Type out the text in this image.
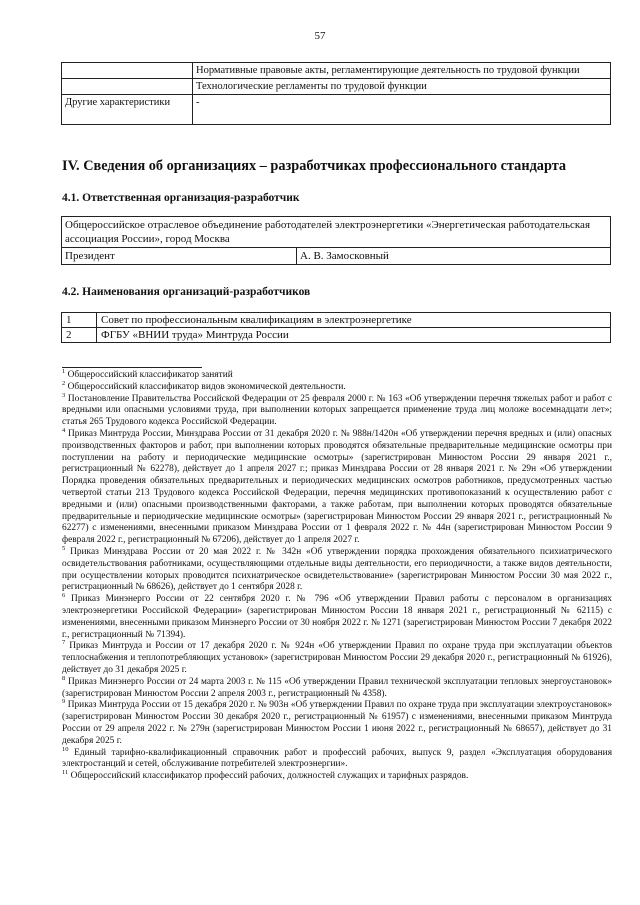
57
	Нормативные правовые акты, регламентирующие деятельность по трудовой функции
	Технологические регламенты по трудовой функции
Другие характеристики	-
IV. Сведения об организациях – разработчиках профессионального стандарта
4.1. Ответственная организация-разработчик
Общероссийское отраслевое объединение работодателей электроэнергетики «Энергетическая работодательская ассоциация России», город Москва
Президент	А. В. Замосковный
4.2. Наименования организаций-разработчиков
1	Совет по профессиональным квалификациям в электроэнергетике
2	ФГБУ «ВНИИ труда» Минтруда России

$^1$ Общероссийский классификатор занятий

$^2$ Общероссийский классификатор видов экономической деятельности.

$^3$ Постановление Правительства Российской Федерации от 25 февраля 2000 г. № 163 «Об утверждении перечня тяжелых работ и работ с вредными или опасными условиями труда, при выполнении которых запрещается применение труда лиц моложе восемнадцати лет»; статья 265 Трудового кодекса Российской Федерации.

$^4$ Приказ Минтруда России, Минздрава России от 31 декабря 2020 г. № 988н/1420н «Об утверждении перечня вредных и (или) опасных производственных факторов и работ, при выполнении которых проводятся обязательные предварительные медицинские осмотры при поступлении на работу и периодические медицинские осмотры» (зарегистрирован Минюстом России 29 января 2021 г., регистрационный № 62278), действует до 1 апреля 2027 г.; приказ Минздрава России от 28 января 2021 г. № 29н «Об утверждении Порядка проведения обязательных предварительных и периодических медицинских осмотров работников, предусмотренных частью четвертой статьи 213 Трудового кодекса Российской Федерации, перечня медицинских противопоказаний к осуществлению работ с вредными и (или) опасными производственными факторами, а также работам, при выполнении которых проводятся обязательные предварительные и периодические медицинские осмотры» (зарегистрирован Минюстом России 29 января 2021 г., регистрационный № 62277) с изменениями, внесенными приказом Минздрава России от 1 февраля 2022 г. № 44н (зарегистрирован Минюстом России 9 февраля 2022 г., регистрационный № 67206), действует до 1 апреля 2027 г.

$^5$ Приказ Минздрава России от 20 мая 2022 г. № 342н «Об утверждении порядка прохождения обязательного психиатрического освидетельствования работниками, осуществляющими отдельные виды деятельности, его периодичности, а также видов деятельности, при осуществлении которых проводится психиатрическое освидетельствование» (зарегистрирован Минюстом России 30 мая 2022 г., регистрационный № 68626), действует до 1 сентября 2028 г.

$^6$ Приказ Минэнерго России от 22 сентября 2020 г. № 796 «Об утверждении Правил работы с персоналом в организациях электроэнергетики Российской Федерации» (зарегистрирован Минюстом России 18 января 2021 г., регистрационный № 62115) с изменениями, внесенными приказом Минэнерго России от 30 ноября 2022 г. № 1271 (зарегистрирован Минюстом России 7 декабря 2022 г., регистрационный № 71394).

$^7$ Приказ Минтруда и России от 17 декабря 2020 г. № 924н «Об утверждении Правил по охране труда при эксплуатации объектов теплоснабжения и теплопотребляющих установок» (зарегистрирован Минюстом России 29 декабря 2020 г., регистрационный № 61926), действует до 31 декабря 2025 г.

$^8$ Приказ Минэнерго России от 24 марта 2003 г. № 115 «Об утверждении Правил технической эксплуатации тепловых энергоустановок» (зарегистрирован Минюстом России 2 апреля 2003 г., регистрационный № 4358).

$^9$ Приказ Минтруда России от 15 декабря 2020 г. № 903н «Об утверждении Правил по охране труда при эксплуатации электроустановок» (зарегистрирован Минюстом России 30 декабря 2020 г., регистрационный № 61957) с изменениями, внесенными приказом Минтруда России от 29 апреля 2022 г. № 279н (зарегистрирован Минюстом России 1 июня 2022 г., регистрационный № 68657), действует до 31 декабря 2025 г.

$^{10}$ Единый тарифно-квалификационный справочник работ и профессий рабочих, выпуск 9, раздел «Эксплуатация оборудования электростанций и сетей, обслуживание потребителей электроэнергии».

$^{11}$ Общероссийский классификатор профессий рабочих, должностей служащих и тарифных разрядов.
